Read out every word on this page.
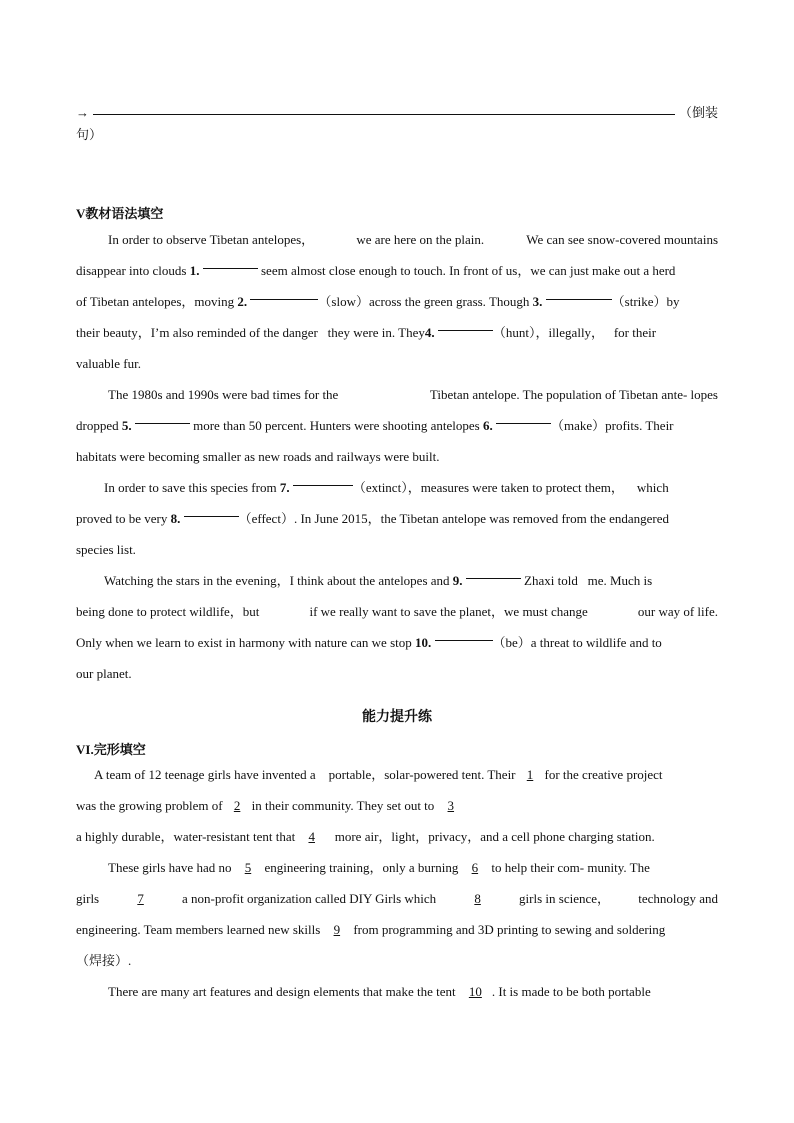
→	（倒装
句）
V教材语法填空
In order to observe Tibetan antelopes，	we are here on the plain.	We can see snow-covered mountains
disappear into clouds
1.

	seem almost close enough to touch. In front of us，we can just make out a herd
of Tibetan antelopes，moving
2.
	（slow）across the green grass. Though
3.
	（strike）by
their beauty，I’m also reminded of the danger
they were in. They 4.
	（hunt），illegally，
for their
valuable fur.
The 1980s and 1990s were bad times for the	Tibetan antelope. The population of Tibetan ante- lopes
dropped
5.

	more than 50 percent. Hunters were shooting antelopes
6.
	（make）profits. Their
habitats were becoming smaller as new roads and railways were built.
In order to save this species from
7.
	（extinct），measures were taken to protect them，
which
proved to be very
8.
	（effect）. In June 2015，the Tibetan antelope was removed from the endangered
species list.
Watching the stars in the evening，I think about the antelopes and
9.

	Zhaxi told
me. Much is
being done to protect wildlife，but	if we really want to save the planet，we must change	our way of life.
Only when we learn to exist in harmony with nature can we stop
10.
	（be）a threat to wildlife and to
our planet.
能力提升练
VI.完形填空
A team of 12 teenage girls have invented a
portable，solar-powered tent. Their
1
for the creative project
was the growing problem of
2
in their community. They set out to
	3
a highly durable，water-resistant tent that
	4
	more air，light，privacy，and a cell phone charging station.
These girls have had no
	5
	engineering training，only a burning
	6
	to help their com- munity. The
girls	7	a non-profit organization called DIY Girls which	8	girls in science， technology and
engineering. Team members learned new skills
	9
	from programming and 3D printing to sewing and soldering
（焊接）.
There are many art features and design elements that make the tent
	10 . It is made to be both portable
